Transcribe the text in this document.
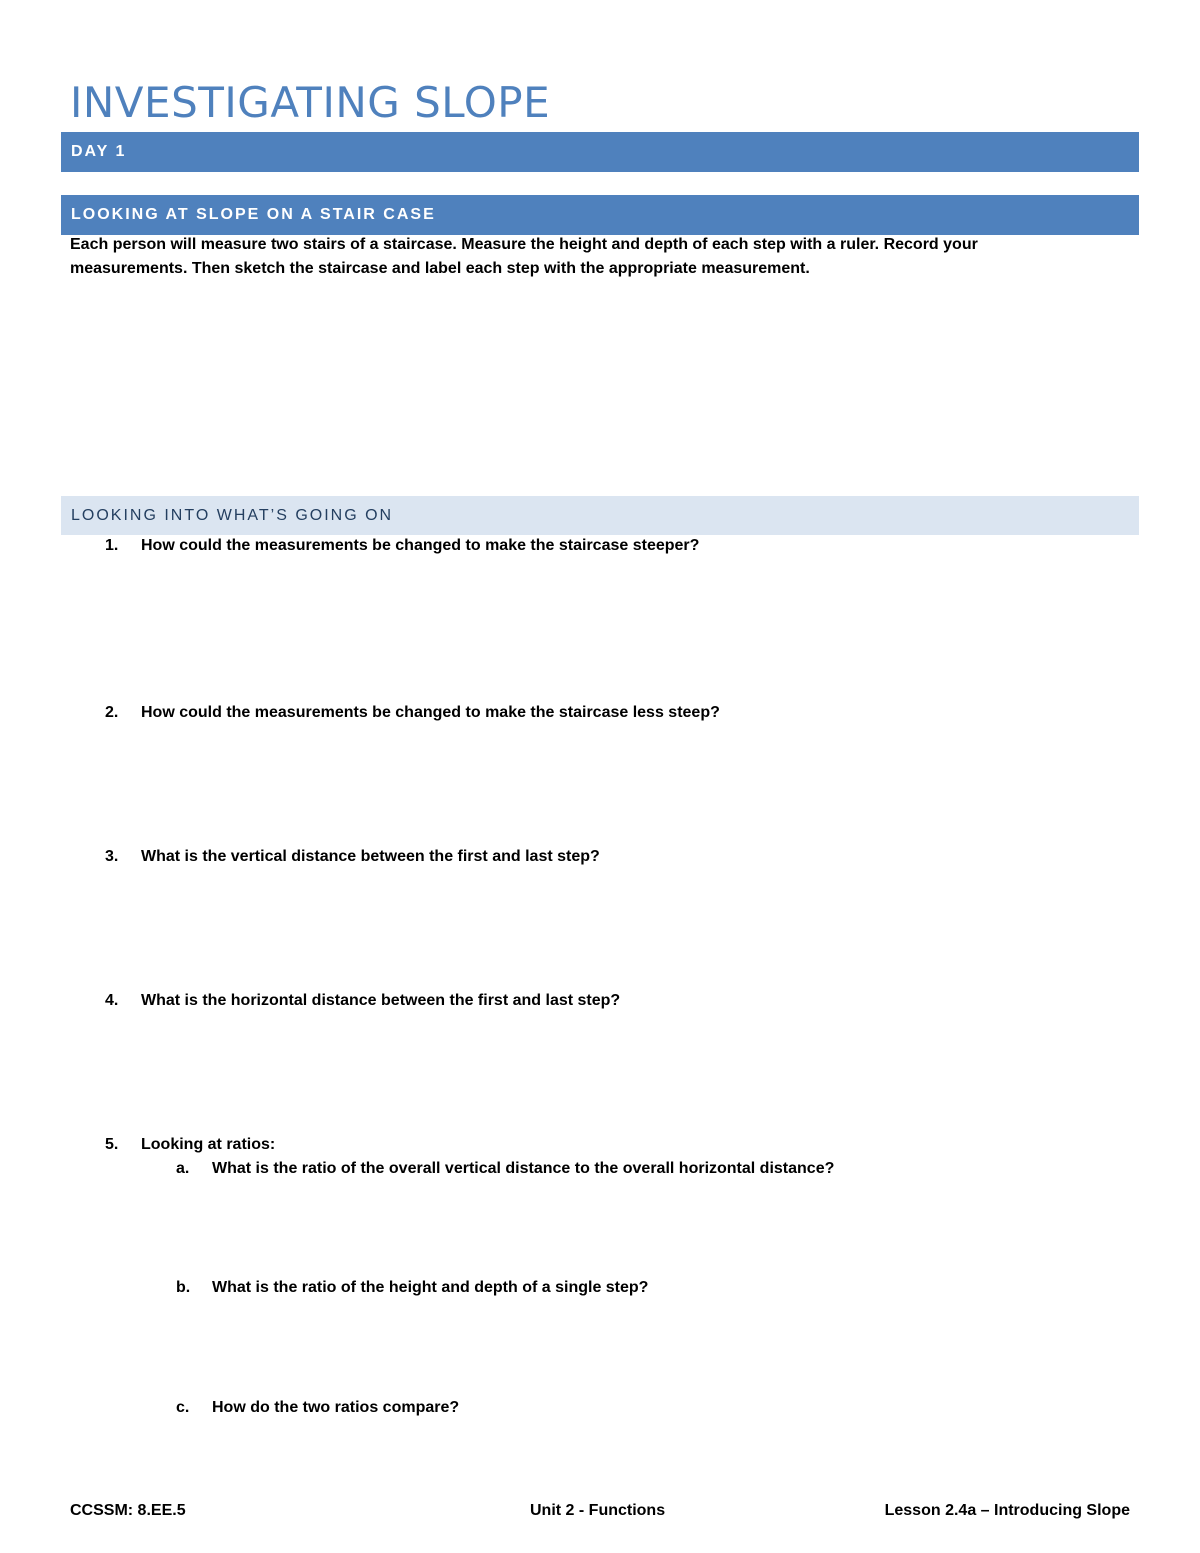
INVESTIGATING SLOPE
DAY 1
LOOKING AT SLOPE ON A STAIR CASE
Each person will measure two stairs of a staircase. Measure the height and depth of each step with a ruler. Record your measurements. Then sketch the staircase and label each step with the appropriate measurement.
LOOKING INTO WHAT’S GOING ON
1. How could the measurements be changed to make the staircase steeper?
2. How could the measurements be changed to make the staircase less steep?
3. What is the vertical distance between the first and last step?
4. What is the horizontal distance between the first and last step?
5. Looking at ratios:
a. What is the ratio of the overall vertical distance to the overall horizontal distance?
b. What is the ratio of the height and depth of a single step?
c. How do the two ratios compare?
CCSSM: 8.EE.5	Unit 2 - Functions	Lesson 2.4a – Introducing Slope
